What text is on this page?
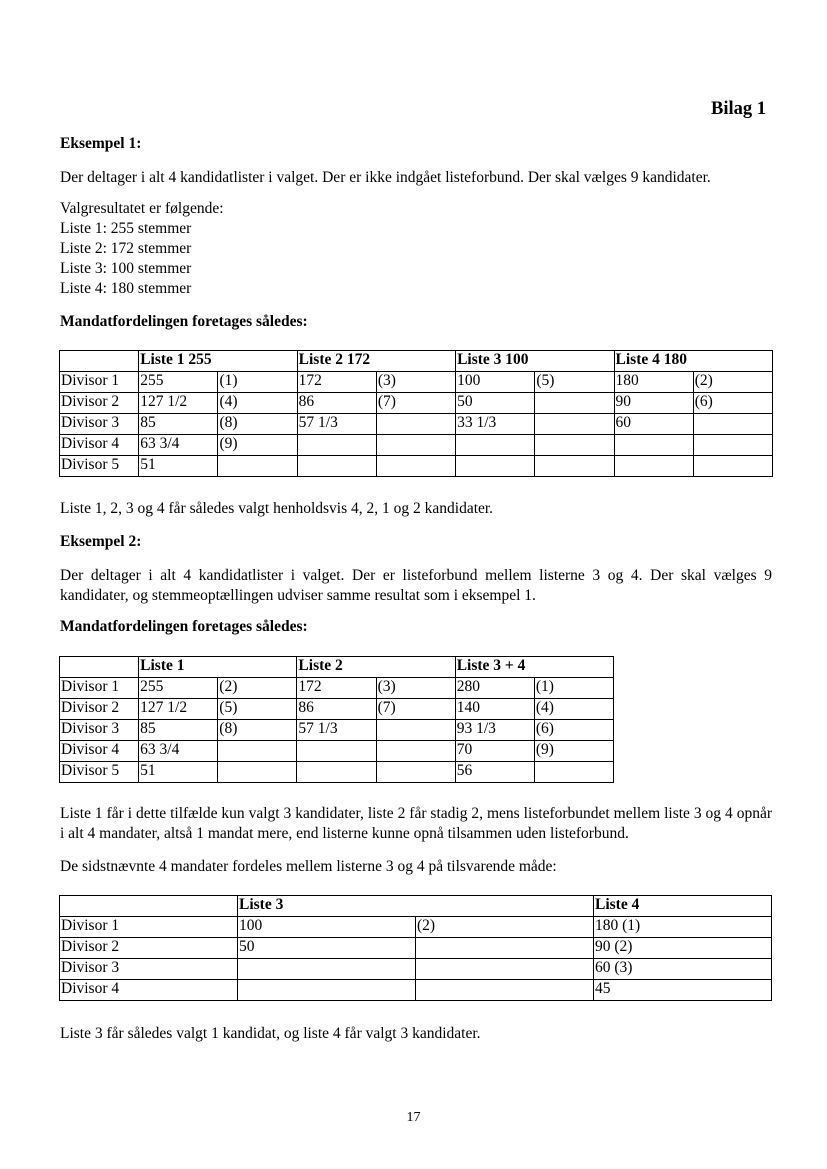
Bilag 1
Eksempel 1:
Der deltager i alt 4 kandidatlister i valget. Der er ikke indgået listeforbund. Der skal vælges 9 kandidater.
Valgresultatet er følgende:
Liste 1: 255 stemmer
Liste 2: 172 stemmer
Liste 3: 100 stemmer
Liste 4: 180 stemmer
Mandatfordelingen foretages således:
	Liste 1 255		Liste 2 172		Liste 3 100		Liste 4 180	
Divisor 1	255	(1)	172	(3)	100	(5)	180	(2)
Divisor 2	127 1/2	(4)	86	(7)	50		90	(6)
Divisor 3	85	(8)	57 1/3		33 1/3		60	
Divisor 4	63 3/4	(9)						
Divisor 5	51							
Liste 1, 2, 3 og 4 får således valgt henholdsvis 4, 2, 1 og 2 kandidater.
Eksempel 2:
Der deltager i alt 4 kandidatlister i valget. Der er listeforbund mellem listerne 3 og 4. Der skal vælges 9 kandidater, og stemmeoptællingen udviser samme resultat som i eksempel 1.
Mandatfordelingen foretages således:
	Liste 1		Liste 2		Liste 3 + 4	
Divisor 1	255	(2)	172	(3)	280	(1)
Divisor 2	127 1/2	(5)	86	(7)	140	(4)
Divisor 3	85	(8)	57 1/3		93 1/3	(6)
Divisor 4	63 3/4				70	(9)
Divisor 5	51				56	
Liste 1 får i dette tilfælde kun valgt 3 kandidater, liste 2 får stadig 2, mens listeforbundet mellem liste 3 og 4 opnår i alt 4 mandater, altså 1 mandat mere, end listerne kunne opnå tilsammen uden listeforbund.
De sidstnævnte 4 mandater fordeles mellem listerne 3 og 4 på tilsvarende måde:
	Liste 3		Liste 4
Divisor 1	100	(2)	180 (1)
Divisor 2	50		90 (2)
Divisor 3			60 (3)
Divisor 4			45
Liste 3 får således valgt 1 kandidat, og liste 4 får valgt 3 kandidater.
17
